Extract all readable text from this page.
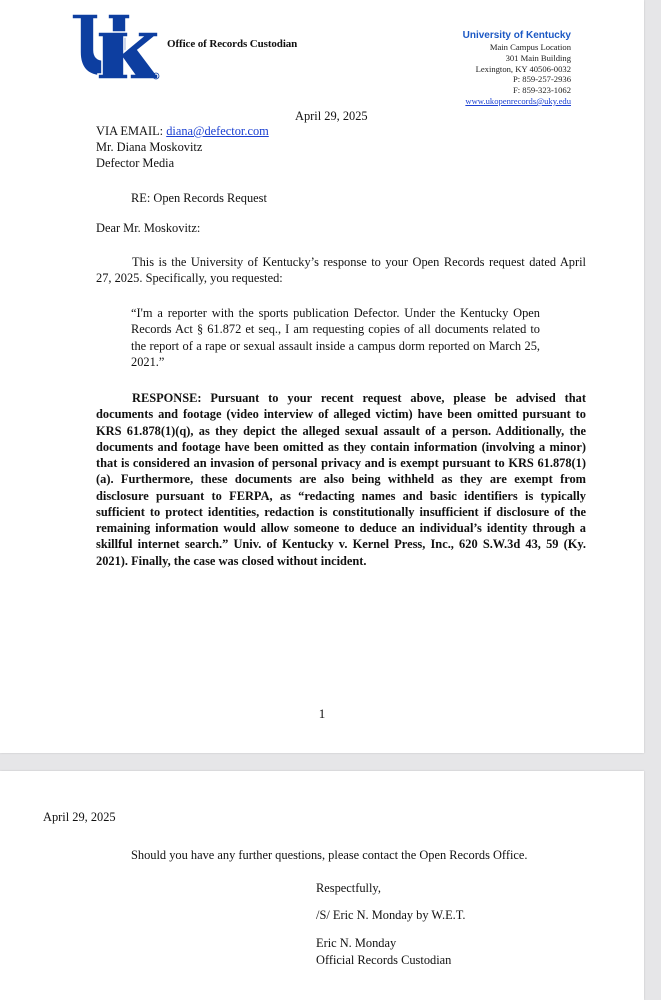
R

Office of Records Custodian

University of Kentucky
Main Campus Location
301 Main Building
Lexington, KY 40506-0032
P: 859-257-2936
F: 859-323-1062
www.ukopenrecords@uky.edu

April 29, 2025

VIA EMAIL: diana@defector.com

Mr. Diana Moskovitz

Defector Media

RE: Open Records Request

Dear Mr. Moskovitz:

This is the University of Kentucky’s response to your Open Records request dated April 27, 2025. Specifically, you requested:

“I'm a reporter with the sports publication Defector. Under the Kentucky Open Records Act § 61.872 et seq., I am requesting copies of all documents related to the report of a rape or sexual assault inside a campus dorm reported on March 25, 2021.”

RESPONSE: Pursuant to your recent request above, please be advised that documents and footage (video interview of alleged victim) have been omitted pursuant to KRS 61.878(1)(q), as they depict the alleged sexual assault of a person. Additionally, the documents and footage have been omitted as they contain information (involving a minor) that is considered an invasion of personal privacy and is exempt pursuant to KRS 61.878(1)(a). Furthermore, these documents are also being withheld as they are exempt from disclosure pursuant to FERPA, as “redacting names and basic identifiers is typically sufficient to protect identities, redaction is constitutionally insufficient if disclosure of the remaining information would allow someone to deduce an individual’s identity through a skillful internet search.” Univ. of Kentucky v. Kernel Press, Inc., 620 S.W.3d 43, 59 (Ky. 2021). Finally, the case was closed without incident.

1

April 29, 2025

Should you have any further questions, please contact the Open Records Office.

Respectfully,

/S/ Eric N. Monday by W.E.T.

Eric N. Monday

Official Records Custodian
